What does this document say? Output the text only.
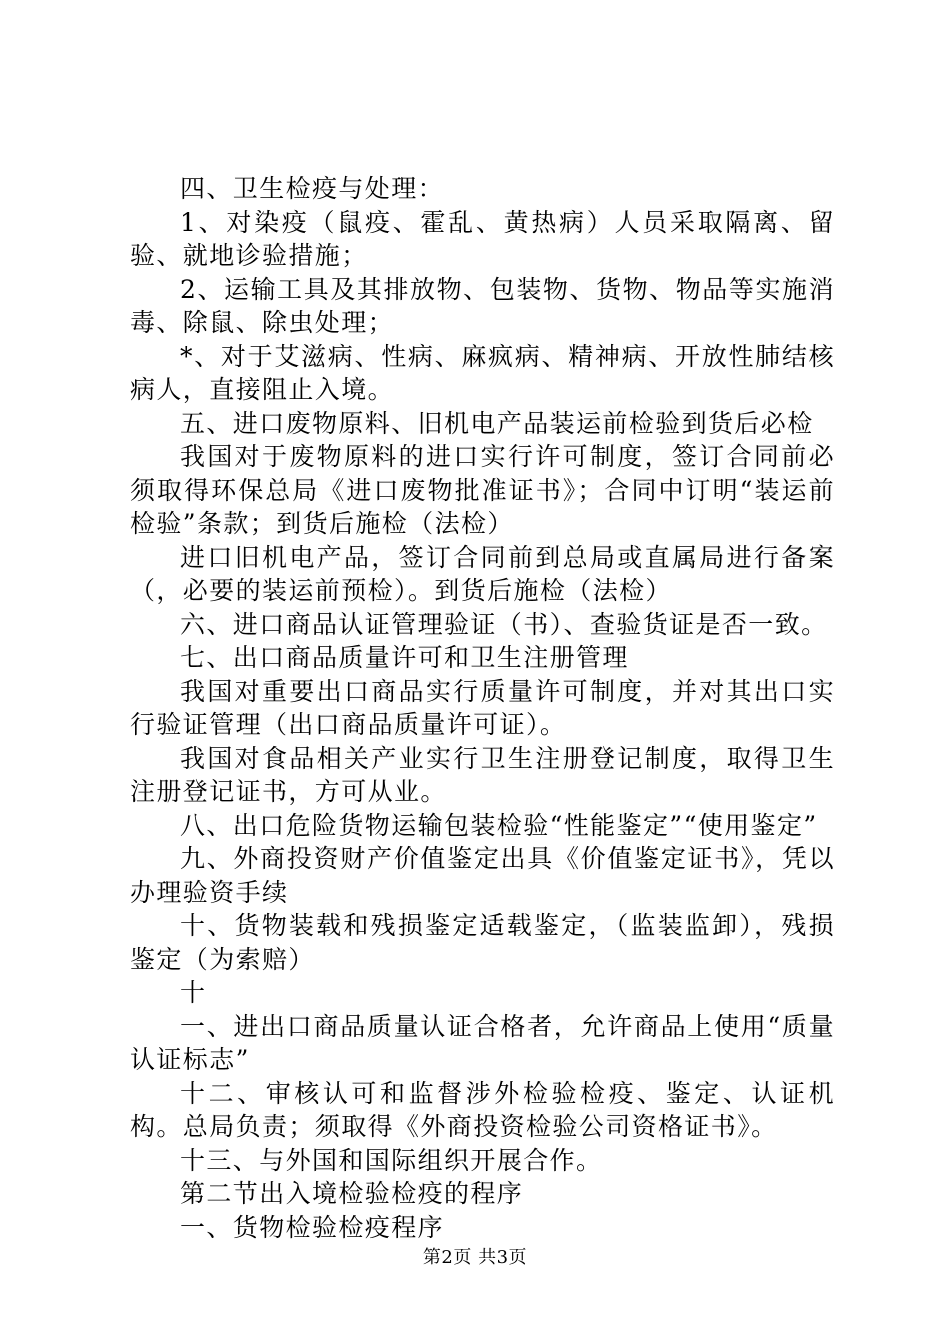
四、卫生检疫与处理：

1、对染疫（鼠疫、霍乱、黄热病）人员采取隔离、留验、就地诊验措施；

2、运输工具及其排放物、包装物、货物、物品等实施消毒、除鼠、除虫处理；

*、对于艾滋病、性病、麻疯病、精神病、开放性肺结核病人，直接阻止入境。

五、进口废物原料、旧机电产品装运前检验到货后必检

我国对于废物原料的进口实行许可制度，签订合同前必须取得环保总局《进口废物批准证书》；合同中订明“装运前检验”条款；到货后施检（法检）

进口旧机电产品，签订合同前到总局或直属局进行备案（，必要的装运前预检）。到货后施检（法检）

六、进口商品认证管理验证（书）、查验货证是否一致。

七、出口商品质量许可和卫生注册管理

我国对重要出口商品实行质量许可制度，并对其出口实行验证管理（出口商品质量许可证）。

我国对食品相关产业实行卫生注册登记制度，取得卫生注册登记证书，方可从业。

八、出口危险货物运输包装检验“性能鉴定”“使用鉴定”

九、外商投资财产价值鉴定出具《价值鉴定证书》，凭以办理验资手续

十、货物装载和残损鉴定适载鉴定，（监装监卸），残损鉴定（为索赔）

十

一、进出口商品质量认证合格者，允许商品上使用“质量认证标志”

十二、审核认可和监督涉外检验检疫、鉴定、认证机构。总局负责；须取得《外商投资检验公司资格证书》。

十三、与外国和国际组织开展合作。

第二节出入境检验检疫的程序

一、货物检验检疫程序

第2页 共3页
